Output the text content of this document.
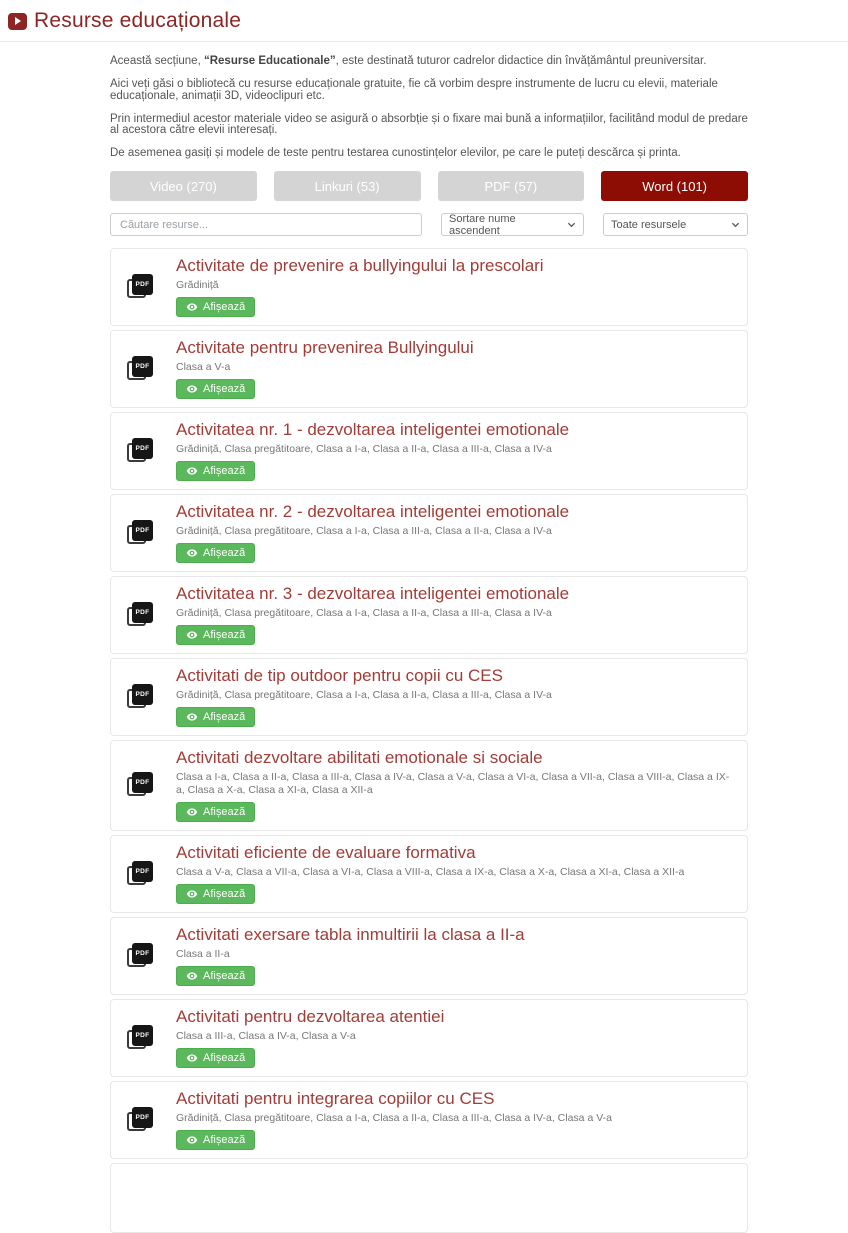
Resurse educaționale

Această secțiune, “Resurse Educationale”, este destinată tuturor cadrelor didactice din învățământul preuniversitar.

Aici veți găsi o bibliotecă cu resurse educaționale gratuite, fie că vorbim despre instrumente de lucru cu elevii, materiale educaționale, animații 3D, videoclipuri etc.

Prin intermediul acestor materiale video se asigură o absorbție și o fixare mai bună a informațiilor, facilitând modul de predare al acestora către elevii interesați.

De asemenea gasiți și modele de teste pentru testarea cunostințelor elevilor, pe care le puteți descărca și printa.

Video (270)	Linkuri (53)	PDF (57)	Word (101)
Căutare resurse...
Sortare nume ascendent	Toate resursele
PDF
Activitate de prevenire a bullyingului la prescolari
Grădiniță
Afișează
PDF
Activitate pentru prevenirea Bullyingului
Clasa a V-a
Afișează
PDF
Activitatea nr. 1 - dezvoltarea inteligentei emotionale
Grădiniță, Clasa pregătitoare, Clasa a I-a, Clasa a II-a, Clasa a III-a, Clasa a IV-a
Afișează
PDF
Activitatea nr. 2 - dezvoltarea inteligentei emotionale
Grădiniță, Clasa pregătitoare, Clasa a I-a, Clasa a III-a, Clasa a II-a, Clasa a IV-a
Afișează
PDF
Activitatea nr. 3 - dezvoltarea inteligentei emotionale
Grădiniță, Clasa pregătitoare, Clasa a I-a, Clasa a II-a, Clasa a III-a, Clasa a IV-a
Afișează
PDF
Activitati de tip outdoor pentru copii cu CES
Grădiniță, Clasa pregătitoare, Clasa a I-a, Clasa a II-a, Clasa a III-a, Clasa a IV-a
Afișează
PDF
Activitati dezvoltare abilitati emotionale si sociale
Clasa a I-a, Clasa a II-a, Clasa a III-a, Clasa a IV-a, Clasa a V-a, Clasa a VI-a, Clasa a VII-a, Clasa a VIII-a, Clasa a IX-a, Clasa a X-a, Clasa a XI-a, Clasa a XII-a
Afișează
PDF
Activitati eficiente de evaluare formativa
Clasa a V-a, Clasa a VII-a, Clasa a VI-a, Clasa a VIII-a, Clasa a IX-a, Clasa a X-a, Clasa a XI-a, Clasa a XII-a
Afișează
PDF
Activitati exersare tabla inmultirii la clasa a II-a
Clasa a II-a
Afișează
PDF
Activitati pentru dezvoltarea atentiei
Clasa a III-a, Clasa a IV-a, Clasa a V-a
Afișează
PDF
Activitati pentru integrarea copiilor cu CES
Grădiniță, Clasa pregătitoare, Clasa a I-a, Clasa a II-a, Clasa a III-a, Clasa a IV-a, Clasa a V-a
Afișează
